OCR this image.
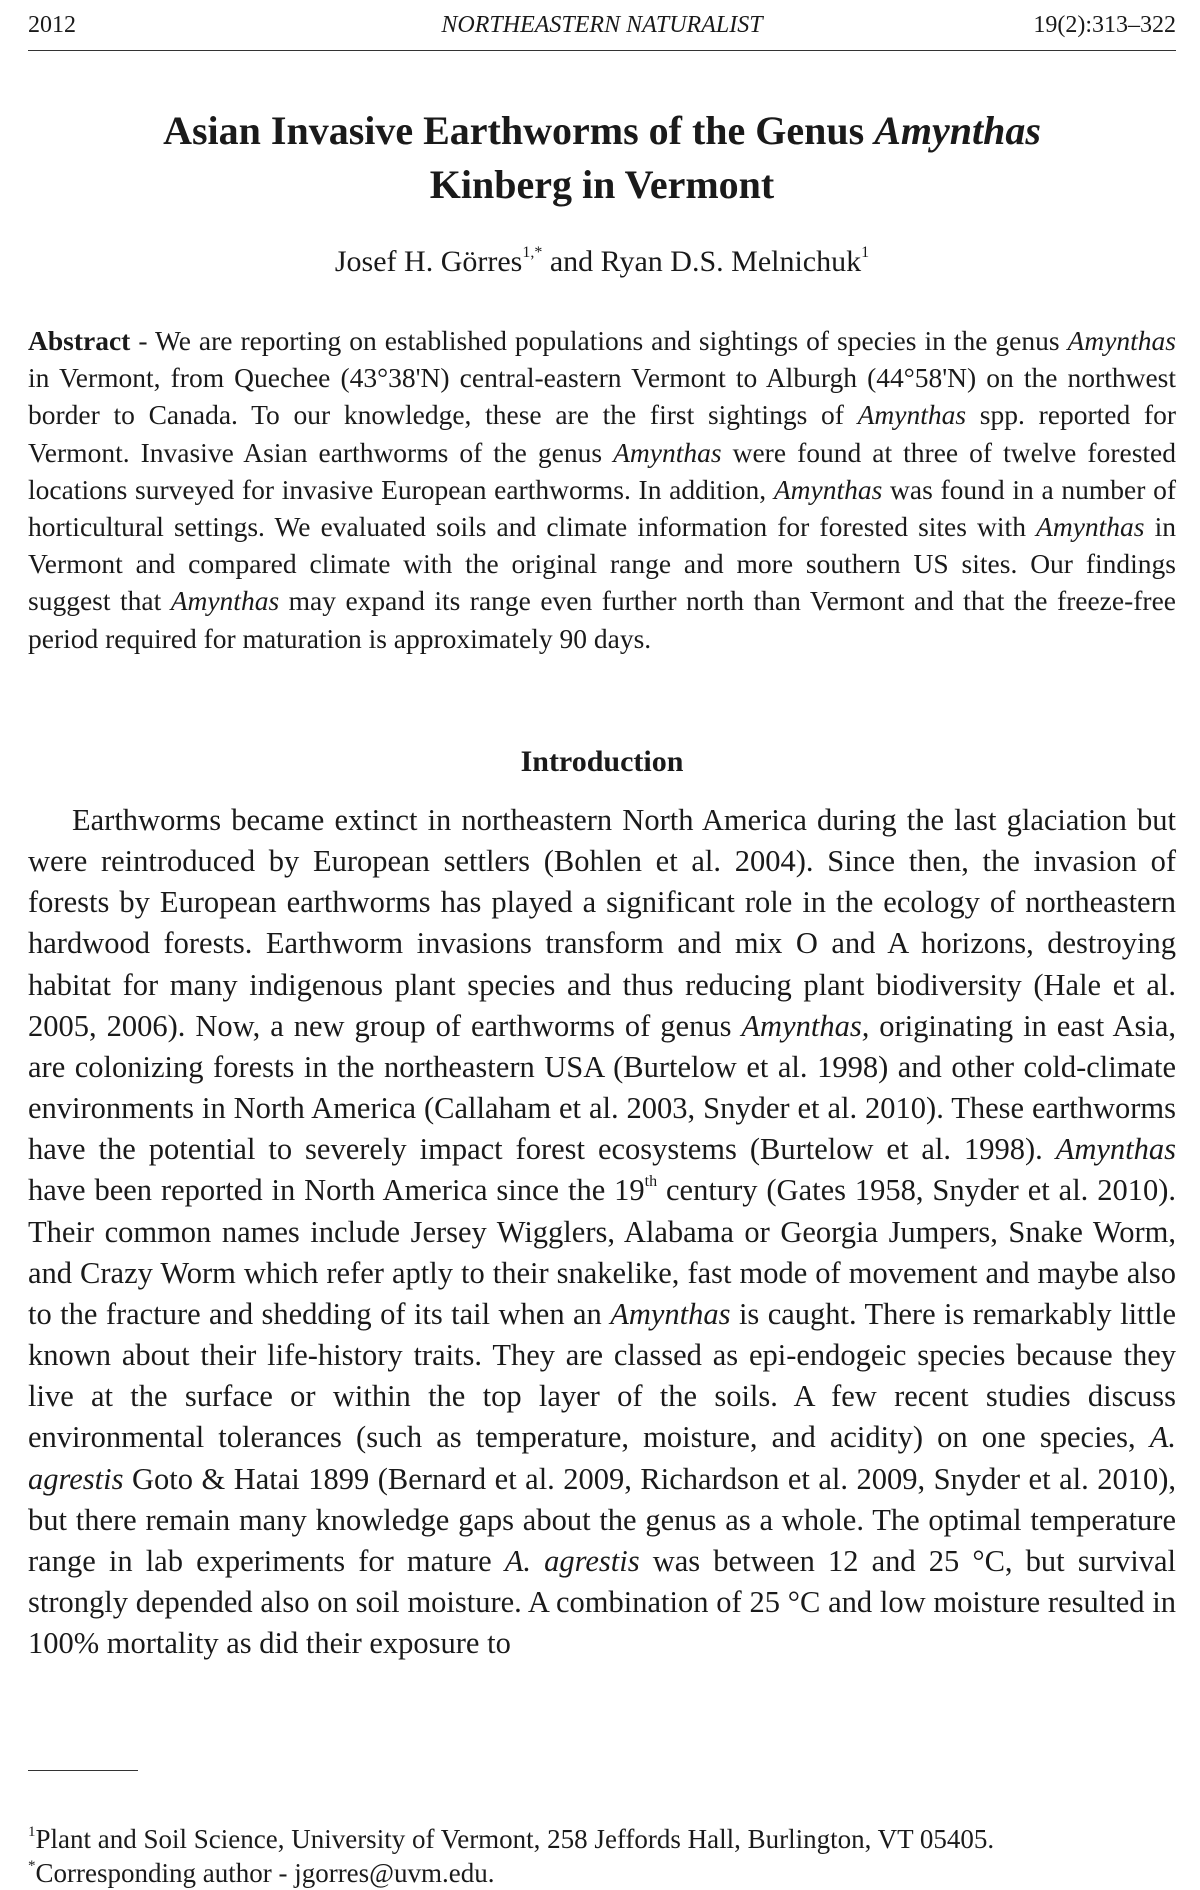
2012	NORTHEASTERN NATURALIST	19(2):313–322
Asian Invasive Earthworms of the Genus Amynthas
Kinberg in Vermont
Josef H. Görres$^{1,*}$ and Ryan D.S. Melnichuk$^1$

Abstract - We are reporting on established populations and sightings of species in the genus Amynthas in Vermont, from Quechee (43°38'N) central-eastern Vermont to Alburgh (44°58'N) on the northwest border to Canada. To our knowledge, these are the first sightings of Amynthas spp. reported for Vermont. Invasive Asian earthworms of the genus Amynthas were found at three of twelve forested locations surveyed for invasive European earthworms. In addition, Amynthas was found in a number of horticultural settings. We evaluated soils and climate information for forested sites with Amynthas in Vermont and compared climate with the original range and more southern US sites. Our findings suggest that Amynthas may expand its range even further north than Vermont and that the freeze-free period required for maturation is approximately 90 days.

Introduction

Earthworms became extinct in northeastern North America during the last glaciation but were reintroduced by European settlers (Bohlen et al. 2004). Since then, the invasion of forests by European earthworms has played a significant role in the ecology of northeastern hardwood forests. Earthworm invasions transform and mix O and A horizons, destroying habitat for many indigenous plant species and thus reducing plant biodiversity (Hale et al. 2005, 2006). Now, a new group of earthworms of genus Amynthas, originating in east Asia, are colonizing forests in the northeastern USA (Burtelow et al. 1998) and other cold-climate environments in North America (Callaham et al. 2003, Snyder et al. 2010). These earthworms have the potential to severely impact forest ecosystems (Burtelow et al. 1998). Amynthas have been reported in North America since the 19th century (Gates 1958, Snyder et al. 2010). Their common names include Jersey Wigglers, Alabama or Georgia Jumpers, Snake Worm, and Crazy Worm which refer aptly to their snakelike, fast mode of movement and maybe also to the fracture and shedding of its tail when an Amynthas is caught. There is remarkably little known about their life-history traits. They are classed as epi-endogeic species because they live at the surface or within the top layer of the soils. A few recent studies discuss environmental tolerances (such as temperature, moisture, and acidity) on one species, A. agrestis Goto & Hatai 1899 (Bernard et al. 2009, Richardson et al. 2009, Snyder et al. 2010), but there remain many knowledge gaps about the genus as a whole. The optimal temperature range in lab experiments for mature A. agrestis was between 12 and 25 °C, but survival strongly depended also on soil moisture. A combination of 25 °C and low moisture resulted in 100% mortality as did their exposure to

$^1$Plant and Soil Science, University of Vermont, 258 Jeffords Hall, Burlington, VT 05405.
*Corresponding author - jgorres@uvm.edu.
